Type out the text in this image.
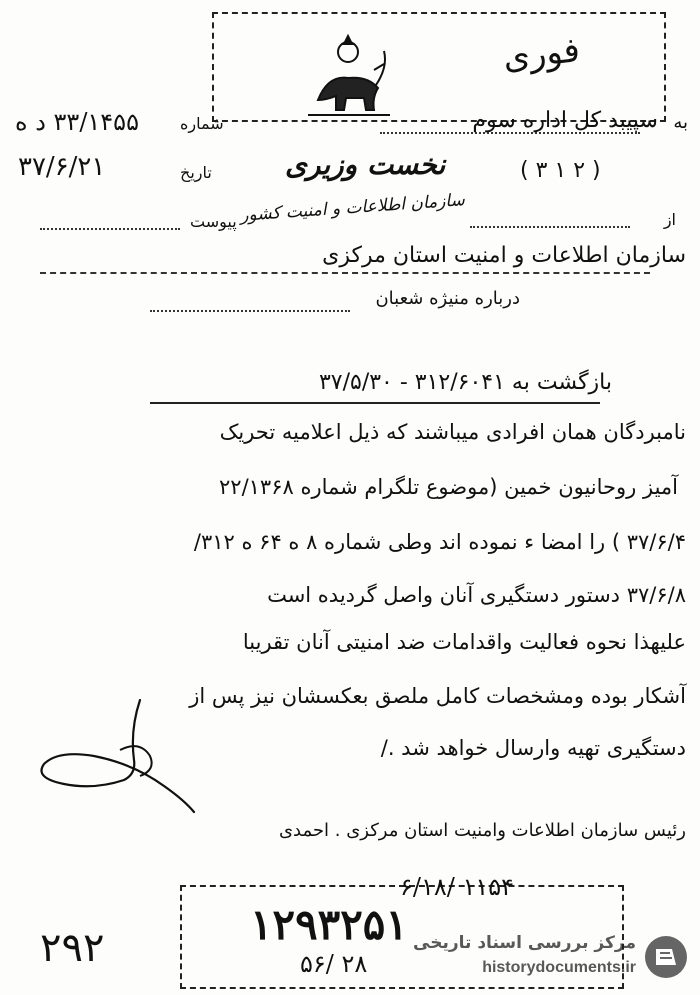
فوری
به
سپیبد کل اداره سوم
شماره
۳۳/۱۴۵۵ د ه
تاریخ
۳۷/۶/۲۱	( ۳ ۱ ۲ )
نخست وزیری
سازمان اطلاعات و امنیت کشور
پیوست	از
سازمان اطلاعات و امنیت استان مرکزی
درباره منیژه شعبان
بازگشت به ۳۱۲/۶۰۴۱ - ۳۷/۵/۳۰
نامبردگان همان افرادی میباشند که ذیل اعلامیه تحریک
آمیز روحانیون خمین (موضوع تلگرام شماره ۲۲/۱۳۶۸
۳۷/۶/۴ ) را امضا ء نموده اند وطی شماره ۸ ه ۶۴ ه ۳۱۲/
۳۷/۶/۸ دستور دستگیری آنان واصل گردیده است
علیهذا نحوه فعالیت واقدامات ضد امنیتی آنان تقریبا
آشکار بوده ومشخصات کامل ملصق بعکسشان نیز پس از
دستگیری تهیه وارسال خواهد شد ./
رئیس سازمان اطلاعات وامنیت استان مرکزی . احمدی
۶/۱۸/ ۱۱۵۴
۱۲۹۳۲۵۱
۵۶/ ۲۸
۲۹۲	مرکز بررسی اسناد تاریخی
historydocuments.ir
